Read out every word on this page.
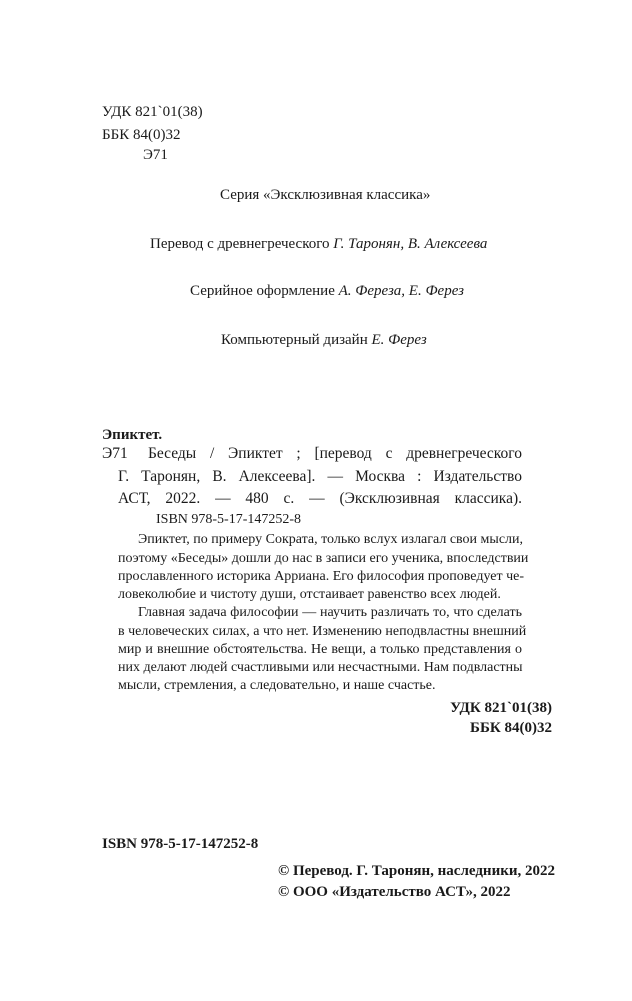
УДК 821`01(38)
ББК 84(0)32
Э71
Серия «Эксклюзивная классика»
Перевод с древнегреческого Г. Таронян, В. Алексеева
Серийное оформление А. Фереза, Е. Ферез
Компьютерный дизайн Е. Ферез
Эпиктет.
Э71 Беседы / Эпиктет ; [перевод с древнегреческого
Г. Таронян, В. Алексеева]. — Москва : Издательство
АСТ, 2022. — 480 с. — (Эксклюзивная классика).
ISBN 978-5-17-147252-8
Эпиктет, по примеру Сократа, только вслух излагал свои мысли,
поэтому «Беседы» дошли до нас в записи его ученика, впоследствии
прославленного историка Арриана. Его философия проповедует че-
ловеколюбие и чистоту души, отстаивает равенство всех людей.
Главная задача философии — научить различать то, что сделать
в человеческих силах, а что нет. Изменению неподвластны внешний
мир и внешние обстоятельства. Не вещи, а только представления о
них делают людей счастливыми или несчастными. Нам подвластны
мысли, стремления, а следовательно, и наше счастье.
УДК 821`01(38)
ББК 84(0)32
ISBN 978-5-17-147252-8
© Перевод. Г. Таронян, наследники, 2022
© ООО «Издательство АСТ», 2022
